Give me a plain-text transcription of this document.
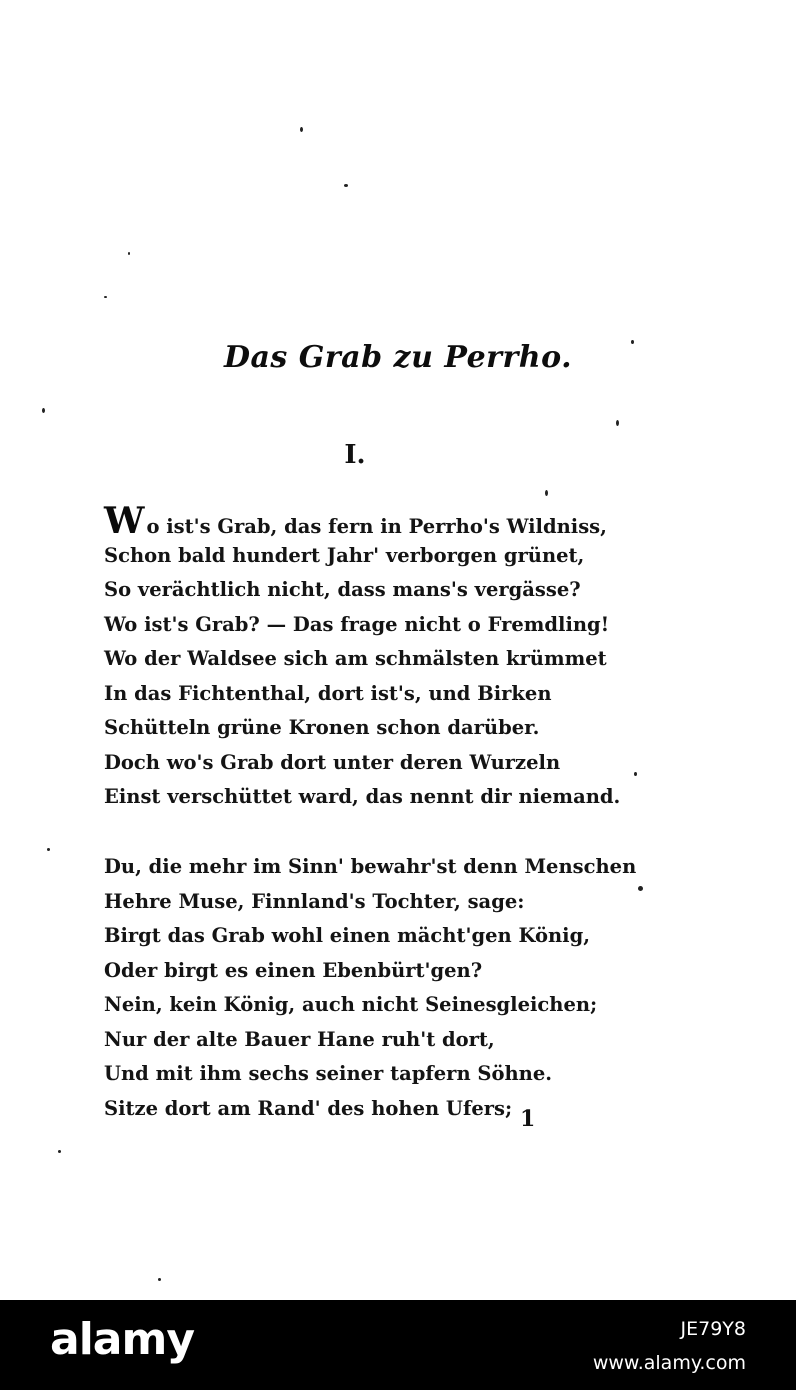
Das Grab zu Perrho.
I.
Wo ist's Grab, das fern in Perrho's Wildniss,
Schon bald hundert Jahr' verborgen grünet,
So verächtlich nicht, dass mans's vergässe?
Wo ist's Grab? — Das frage nicht o Fremdling!
Wo der Waldsee sich am schmälsten krümmet
In das Fichtenthal, dort ist's, und Birken
Schütteln grüne Kronen schon darüber.
Doch wo's Grab dort unter deren Wurzeln
Einst verschüttet ward, das nennt dir niemand.
Du, die mehr im Sinn' bewahr'st denn Menschen
Hehre Muse, Finnland's Tochter, sage:
Birgt das Grab wohl einen mächt'gen König,
Oder birgt es einen Ebenbürt'gen?
Nein, kein König, auch nicht Seinesgleichen;
Nur der alte Bauer Hane ruh't dort,
Und mit ihm sechs seiner tapfern Söhne.
Sitze dort am Rand' des hohen Ufers; 1
alamy	JE79Y8
www.alamy.com
